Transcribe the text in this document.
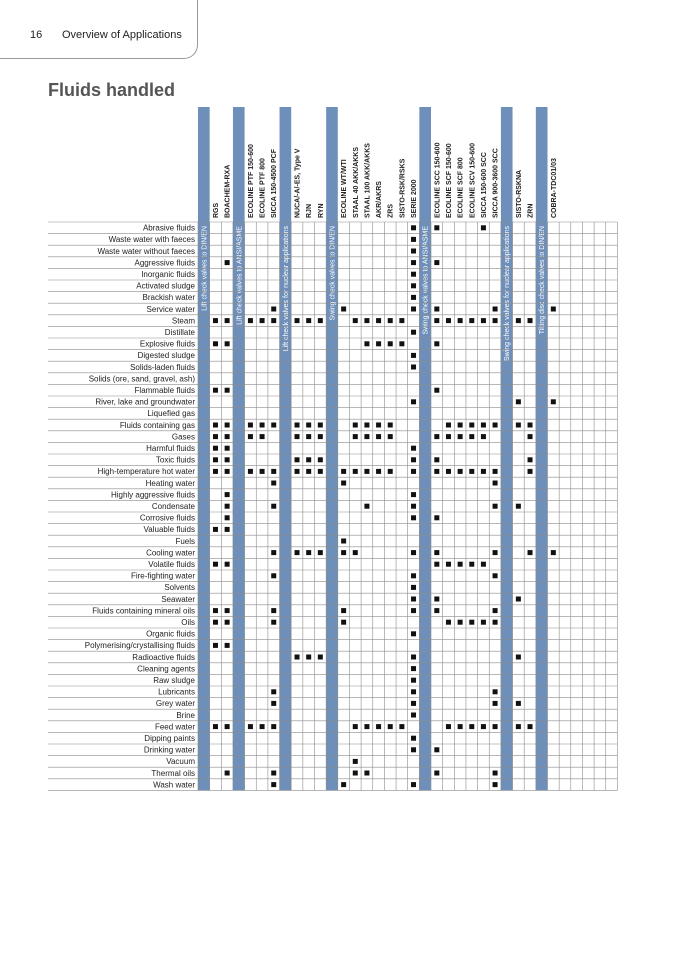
16 Overview of Applications
Fluids handled
Lift check valves to DIN/EN
RGS BOACHEM-RXA
Lift check valves to ANSI/ASME
ECOLINE PTF 150-600 ECOLINE PTF 800 SICCA 150-4500 PCF
Lift check valves for nuclear applications
NUCA/-A/-ES, Type V RJN RYN
Swing check valves to DIN/EN
ECOLINE WT/WTI STAAL 40 AKK/AKKS STAAL 100 AKK/AKKS AKR/AKRS ZRS SISTO-RSK/RSKS SERIE 2000
Swing check valves to ANSI/ASME
ECOLINE SCC 150-600 ECOLINE SCF 150-600 ECOLINE SCF 800 ECOLINE SCV 150-600 SICCA 150-600 SCC SICCA 900-3600 SCC
Swing check valves for nuclear applications
SISTO-RSKNA ZRN
Tilting disc check valves to DIN/EN
COBRA-TDC01/03
Abrasive fluids
Waste water with faeces
Waste water without faeces
Aggressive fluids
Inorganic fluids
Activated sludge
Brackish water
Service water
Steam
Distillate
Explosive fluids
Digested sludge
Solids-laden fluids
Solids (ore, sand, gravel, ash)
Flammable fluids
River, lake and groundwater
Liquefied gas
Fluids containing gas
Gases
Harmful fluids
Toxic fluids
High-temperature hot water
Heating water
Highly aggressive fluids
Condensate
Corrosive fluids
Valuable fluids
Fuels
Cooling water
Volatile fluids
Fire-fighting water
Solvents
Seawater
Fluids containing mineral oils
Oils
Organic fluids
Polymerising/crystallising fluids
Radioactive fluids
Cleaning agents
Raw sludge
Lubricants
Grey water
Brine
Feed water
Dipping paints
Drinking water
Vacuum
Thermal oils
Wash water
